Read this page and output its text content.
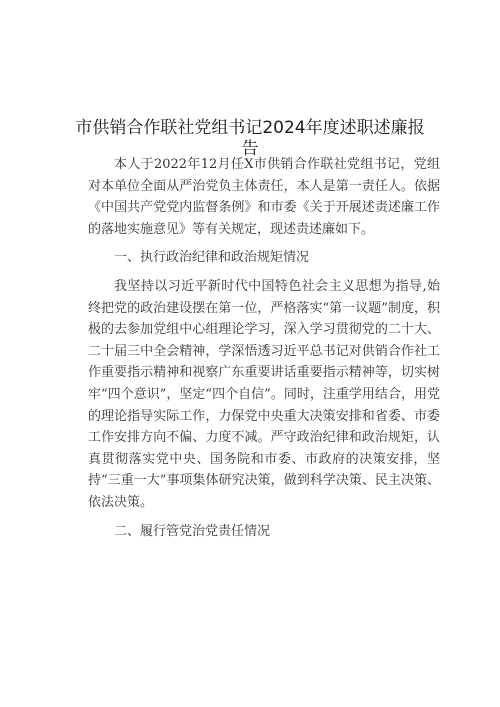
市供销合作联社党组书记2024年度述职述廉报告

本人于2022年12月任X市供销合作联社党组书记，党组对本单位全面从严治党负主体责任，本人是第一责任人。依据《中国共产党党内监督条例》和市委《关于开展述责述廉工作的落地实施意见》等有关规定，现述责述廉如下。

一、执行政治纪律和政治规矩情况

我坚持以习近平新时代中国特色社会主义思想为指导,始终把党的政治建设摆在第一位，严格落实“第一议题”制度，积极的去参加党组中心组理论学习，深入学习贯彻党的二十大、二十届三中全会精神，学深悟透习近平总书记对供销合作社工作重要指示精神和视察广东重要讲话重要指示精神等，切实树牢“四个意识”，坚定“四个自信”。同时，注重学用结合，用党的理论指导实际工作，力保党中央重大决策安排和省委、市委工作安排方向不偏、力度不减。严守政治纪律和政治规矩，认真贯彻落实党中央、国务院和市委、市政府的决策安排，坚持“三重一大”事项集体研究决策，做到科学决策、民主决策、依法决策。

二、履行管党治党责任情况
